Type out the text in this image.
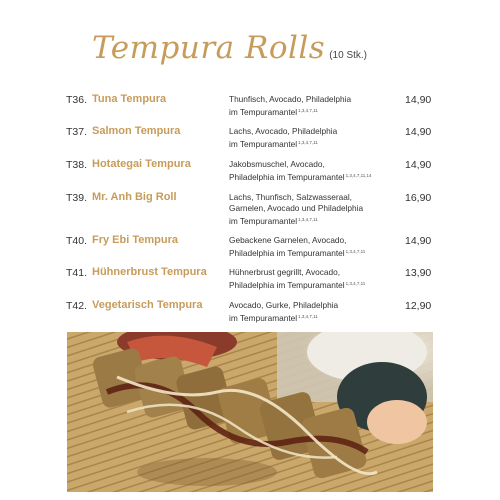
Tempura Rolls (10 Stk.)
T36. Tuna Tempura	Thunfisch, Avocado, Philadelphia
im Tempuramantel$^{1,3,4,7,11}$
14,90
T37. Salmon Tempura	Lachs, Avocado, Philadelphia
im Tempuramantel$^{1,3,4,7,11}$
14,90
T38. Hotategai Tempura	Jakobsmuschel, Avocado,
Philadelphia im Tempuramantel$^{1,3,4,7,11,14}$
14,90
T39. Mr. Anh Big Roll	Lachs, Thunfisch, Salzwasseraal,
Garnelen, Avocado und Philadelphia
im Tempuramantel$^{1,3,4,7,11}$
16,90
T40. Fry Ebi Tempura	Gebackene Garnelen, Avocado,
Philadelphia im Tempuramantel$^{1,3,4,7,11}$
14,90
T41. Hühnerbrust Tempura	Hühnerbrust gegrillt, Avocado,
Philadelphia im Tempuramantel$^{1,3,4,7,11}$
13,90
T42. Vegetarisch Tempura	Avocado, Gurke, Philadelphia
im Tempuramantel$^{1,3,4,7,11}$
12,90
